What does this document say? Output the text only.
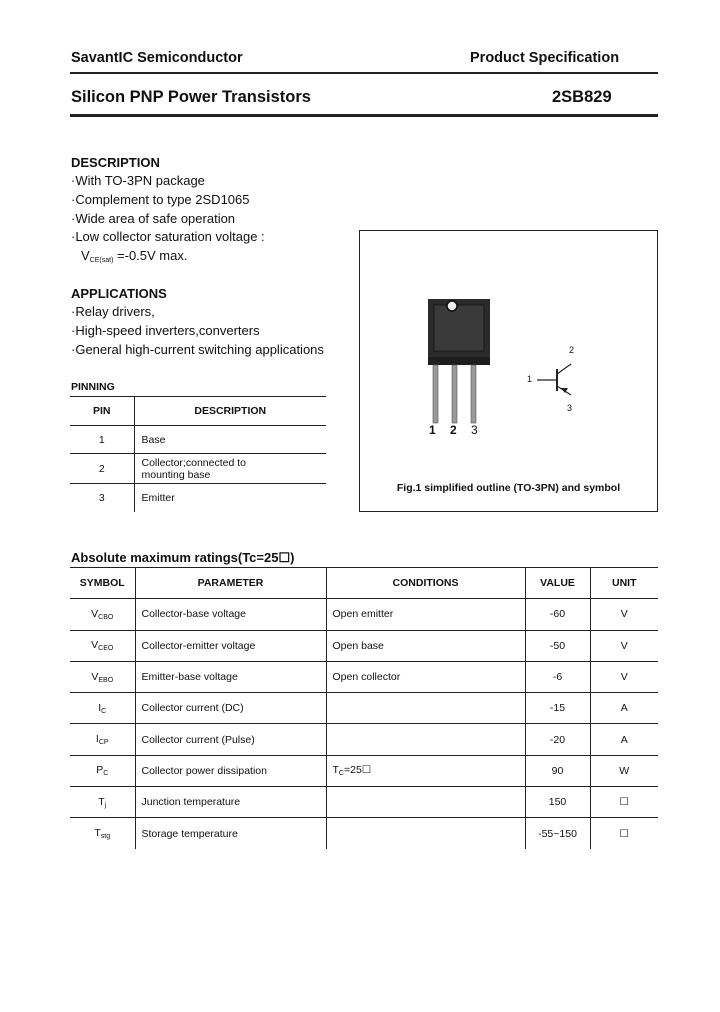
SavantIC Semiconductor	Product Specification
Silicon PNP Power Transistors	2SB829
DESCRIPTION
·With TO-3PN package
·Complement to type 2SD1065
·Wide area of safe operation
·Low collector saturation voltage :
$V_{CE(sat)} =-0.5V$ max.
APPLICATIONS
·Relay drivers,
·High-speed inverters,converters
·General high-current switching applications
PINNING
PIN	DESCRIPTION
1	Base
2	Collector;connected to
mounting base

3	Emitter
1 2 3
2
1
3
Fig.1 simplified outline (TO-3PN) and symbol
Absolute maximum ratings(Tc=25☐)
SYMBOL	PARAMETER	CONDITIONS	VALUE	UNIT
$V_{CBO}$	Collector-base voltage	Open emitter	-60	V
$V_{CEO}$	Collector-emitter voltage	Open base	-50	V
$V_{EBO}$	Emitter-base voltage	Open collector	-6	V
$I_C$	Collector current (DC)		-15	A
$I_{CP}$	Collector current (Pulse)		-20	A
$P_C$	Collector power dissipation	$T_C=25☐$	90	W
$T_j$	Junction temperature		150	☐
$T_{stg}$	Storage temperature		-55~150	☐
